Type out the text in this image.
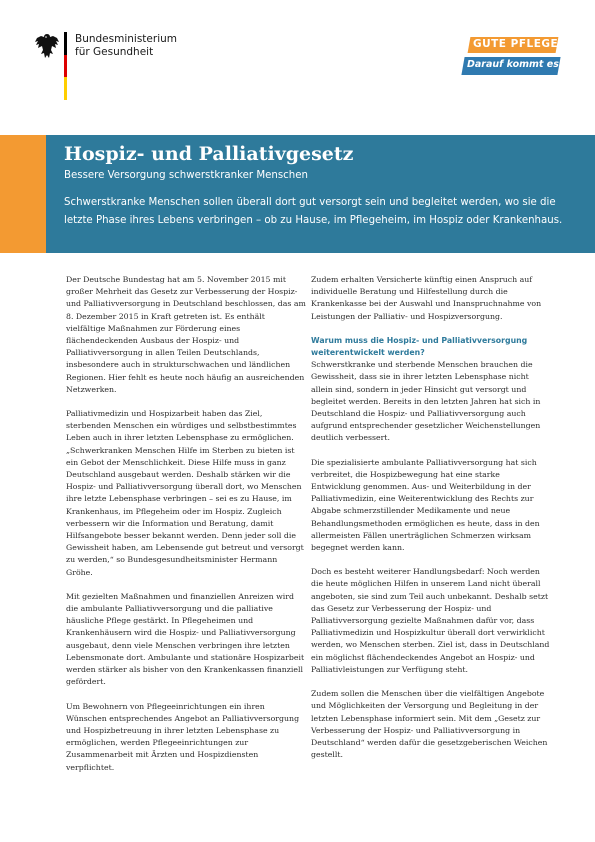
Bundesministerium
für Gesundheit
GUTE PFLEGE
Darauf kommt es an
Hospiz- und Palliativgesetz
Bessere Versorgung schwerstkranker Menschen
Schwerstkranke Menschen sollen überall dort gut versorgt sein und begleitet werden, wo sie die letzte Phase ihres Lebens verbringen – ob zu Hause, im Pflegeheim, im Hospiz oder Krankenhaus.

Der Deutsche Bundestag hat am 5. November 2015 mit großer Mehrheit das Gesetz zur Verbesserung der Hospiz- und Palliativversorgung in Deutschland beschlossen, das am 8. Dezember 2015 in Kraft getreten ist. Es enthält vielfältige Maßnahmen zur Förderung eines flächendeckenden Ausbaus der Hospiz- und Palliativversorgung in allen Teilen Deutschlands, insbesondere auch in strukturschwachen und ländlichen Regionen. Hier fehlt es heute noch häufig an ausreichenden Netzwerken.

Palliativmedizin und Hospizarbeit haben das Ziel, sterbenden Menschen ein würdiges und selbstbestimmtes Leben auch in ihrer letzten Lebensphase zu ermöglichen. „Schwerkranken Menschen Hilfe im Sterben zu bieten ist ein Gebot der Menschlichkeit. Diese Hilfe muss in ganz Deutschland ausgebaut werden. Deshalb stärken wir die Hospiz- und Palliativversorgung überall dort, wo Menschen ihre letzte Lebensphase verbringen – sei es zu Hause, im Krankenhaus, im Pflegeheim oder im Hospiz. Zugleich verbessern wir die Information und Beratung, damit Hilfsangebote besser bekannt werden. Denn jeder soll die Gewissheit haben, am Lebensende gut betreut und versorgt zu werden,“ so Bundesgesundheitsminister Hermann Gröhe.

Mit gezielten Maßnahmen und finanziellen Anreizen wird die ambulante Palliativversorgung und die palliative häusliche Pflege gestärkt. In Pflegeheimen und Krankenhäusern wird die Hospiz- und Palliativversorgung ausgebaut, denn viele Menschen verbringen ihre letzten Lebensmonate dort. Ambulante und stationäre Hospizarbeit werden stärker als bisher von den Krankenkassen finanziell gefördert.

Um Bewohnern von Pflegeeinrichtungen ein ihren Wünschen entsprechendes Angebot an Palliativversorgung und Hospizbetreuung in ihrer letzten Lebensphase zu ermöglichen, werden Pflegeeinrichtungen zur Zusammenarbeit mit Ärzten und Hospizdiensten verpflichtet.

Zudem erhalten Versicherte künftig einen Anspruch auf individuelle Beratung und Hilfestellung durch die Krankenkasse bei der Auswahl und Inanspruchnahme von Leistungen der Palliativ- und Hospizversorgung.

Warum muss die Hospiz- und Palliativversorgung weiterentwickelt werden?

Schwerstkranke und sterbende Menschen brauchen die Gewissheit, dass sie in ihrer letzten Lebensphase nicht allein sind, sondern in jeder Hinsicht gut versorgt und begleitet werden. Bereits in den letzten Jahren hat sich in Deutschland die Hospiz- und Palliativversorgung auch aufgrund entsprechender gesetzlicher Weichenstellungen deutlich verbessert.

Die spezialisierte ambulante Palliativversorgung hat sich verbreitet, die Hospizbewegung hat eine starke Entwicklung genommen. Aus- und Weiterbildung in der Palliativmedizin, eine Weiterentwicklung des Rechts zur Abgabe schmerzstillender Medikamente und neue Behandlungsmethoden ermöglichen es heute, dass in den allermeisten Fällen unerträglichen Schmerzen wirksam begegnet werden kann.

Doch es besteht weiterer Handlungsbedarf: Noch werden die heute möglichen Hilfen in unserem Land nicht überall angeboten, sie sind zum Teil auch unbekannt. Deshalb setzt das Gesetz zur Verbesserung der Hospiz- und Palliativversorgung gezielte Maßnahmen dafür vor, dass Palliativmedizin und Hospizkultur überall dort verwirklicht werden, wo Menschen sterben. Ziel ist, dass in Deutschland ein möglichst flächendeckendes Angebot an Hospiz- und Palliativleistungen zur Verfügung steht.

Zudem sollen die Menschen über die vielfältigen Angebote und Möglichkeiten der Versorgung und Begleitung in der letzten Lebensphase informiert sein. Mit dem „Gesetz zur Verbesserung der Hospiz- und Palliativversorgung in Deutschland“ werden dafür die gesetzgeberischen Weichen gestellt.
